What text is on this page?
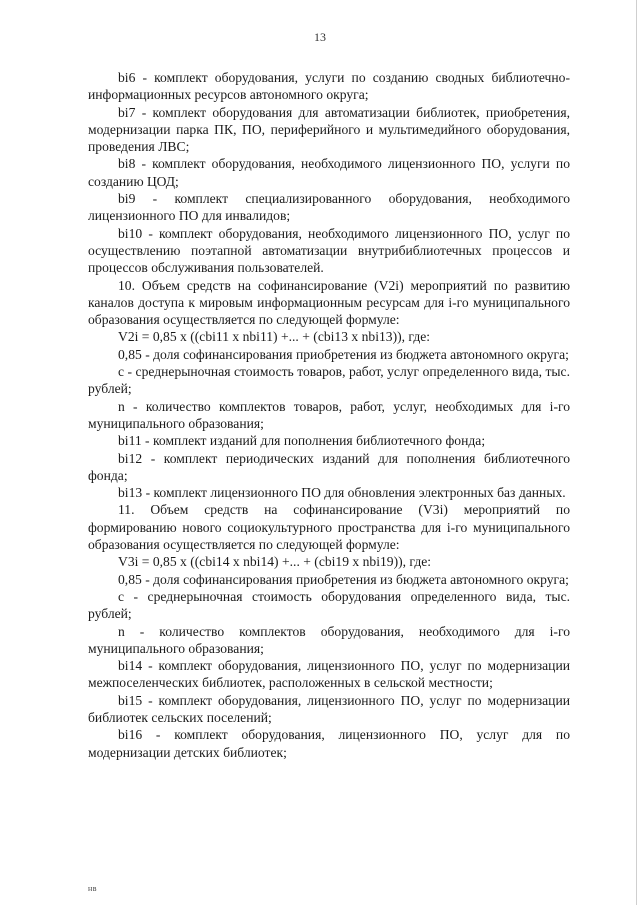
13

bi6 - комплект оборудования, услуги по созданию сводных библиотечно-информационных ресурсов автономного округа;

bi7 - комплект оборудования для автоматизации библиотек, приобретения, модернизации парка ПК, ПО, периферийного и мультимедийного оборудования, проведения ЛВС;

bi8 - комплект оборудования, необходимого лицензионного ПО, услуги по созданию ЦОД;

bi9 - комплект специализированного оборудования, необходимого лицензионного ПО для инвалидов;

bi10 - комплект оборудования, необходимого лицензионного ПО, услуг по осуществлению поэтапной автоматизации внутрибиблиотечных процессов и процессов обслуживания пользователей.

10. Объем средств на софинансирование (V2i) мероприятий по развитию каналов доступа к мировым информационным ресурсам для i-го муниципального образования осуществляется по следующей формуле:

V2i = 0,85 x ((cbi11 x nbi11) +... + (cbi13 x nbi13)), где:

0,85 - доля софинансирования приобретения из бюджета автономного округа;

c - среднерыночная стоимость товаров, работ, услуг определенного вида, тыс. рублей;

n - количество комплектов товаров, работ, услуг, необходимых для i-го муниципального образования;

bi11 - комплект изданий для пополнения библиотечного фонда;

bi12 - комплект периодических изданий для пополнения библиотечного фонда;

bi13 - комплект лицензионного ПО для обновления электронных баз данных.

11. Объем средств на софинансирование (V3i) мероприятий по формированию нового социокультурного пространства для i-го муниципального образования осуществляется по следующей формуле:

V3i = 0,85 x ((cbi14 x nbi14) +... + (cbi19 x nbi19)), где:

0,85 - доля софинансирования приобретения из бюджета автономного округа;

c - среднерыночная стоимость оборудования определенного вида, тыс. рублей;

n - количество комплектов оборудования, необходимого для i-го муниципального образования;

bi14 - комплект оборудования, лицензионного ПО, услуг по модернизации межпоселенческих библиотек, расположенных в сельской местности;

bi15 - комплект оборудования, лицензионного ПО, услуг по модернизации библиотек сельских поселений;

bi16 - комплект оборудования, лицензионного ПО, услуг для по модернизации детских библиотек;

нв
